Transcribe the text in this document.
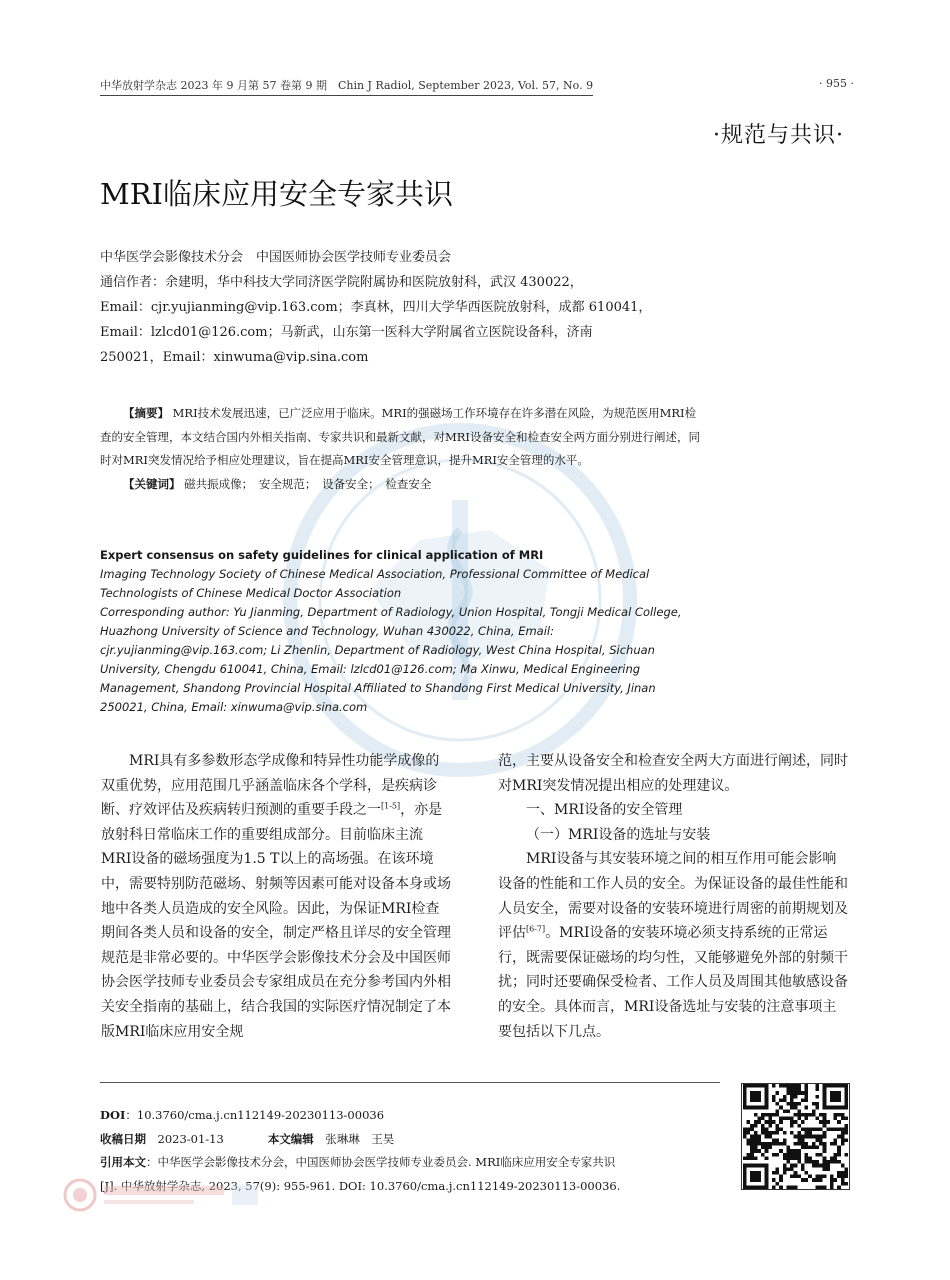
中华放射学杂志 2023 年 9 月第 57 卷第 9 期　Chin J Radiol, September 2023, Vol. 57, No. 9	· 955 ·
·规范与共识·
MRI临床应用安全专家共识
中华医学会影像技术分会　中国医师协会医学技师专业委员会
通信作者：余建明，华中科技大学同济医学院附属协和医院放射科，武汉 430022，
Email：cjr.yujianming@vip.163.com；李真林，四川大学华西医院放射科，成都 610041，
Email：lzlcd01@126.com；马新武，山东第一医科大学附属省立医院设备科，济南
250021，Email：xinwuma@vip.sina.com
【摘要】 MRI技术发展迅速，已广泛应用于临床。MRI的强磁场工作环境存在许多潜在风险，为规范医用MRI检查的安全管理，本文结合国内外相关指南、专家共识和最新文献，对MRI设备安全和检查安全两方面分别进行阐述，同时对MRI突发情况给予相应处理建议，旨在提高MRI安全管理意识，提升MRI安全管理的水平。
【关键词】 磁共振成像；　安全规范；　设备安全；　检查安全
Expert consensus on safety guidelines for clinical application of MRI
Imaging Technology Society of Chinese Medical Association, Professional Committee of Medical Technologists of Chinese Medical Doctor Association
Corresponding author: Yu Jianming, Department of Radiology, Union Hospital, Tongji Medical College, Huazhong University of Science and Technology, Wuhan 430022, China, Email: cjr.yujianming@vip.163.com; Li Zhenlin, Department of Radiology, West China Hospital, Sichuan University, Chengdu 610041, China, Email: lzlcd01@126.com; Ma Xinwu, Medical Engineering Management, Shandong Provincial Hospital Affiliated to Shandong First Medical University, Jinan 250021, China, Email: xinwuma@vip.sina.com

MRI具有多参数形态学成像和特异性功能学成像的双重优势，应用范围几乎涵盖临床各个学科，是疾病诊断、疗效评估及疾病转归预测的重要手段之一[1-5]，亦是放射科日常临床工作的重要组成部分。目前临床主流MRI设备的磁场强度为1.5 T以上的高场强。在该环境中，需要特别防范磁场、射频等因素可能对设备本身或场地中各类人员造成的安全风险。因此，为保证MRI检查期间各类人员和设备的安全，制定严格且详尽的安全管理规范是非常必要的。中华医学会影像技术分会及中国医师协会医学技师专业委员会专家组成员在充分参考国内外相关安全指南的基础上，结合我国的实际医疗情况制定了本版MRI临床应用安全规

范，主要从设备安全和检查安全两大方面进行阐述，同时对MRI突发情况提出相应的处理建议。

一、MRI设备的安全管理

（一）MRI设备的选址与安装

MRI设备与其安装环境之间的相互作用可能会影响设备的性能和工作人员的安全。为保证设备的最佳性能和人员安全，需要对设备的安装环境进行周密的前期规划及评估[6-7]。MRI设备的安装环境必须支持系统的正常运行，既需要保证磁场的均匀性，又能够避免外部的射频干扰；同时还要确保受检者、工作人员及周围其他敏感设备的安全。具体而言，MRI设备选址与安装的注意事项主要包括以下几点。

DOI：10.3760/cma.j.cn112149-20230113-00036
收稿日期　2023-01-13	本文编辑　张琳琳　王昊
引用本文：中华医学会影像技术分会，中国医师协会医学技师专业委员会. MRI临床应用安全专家共识
[J]. 中华放射学杂志, 2023, 57(9): 955-961. DOI: 10.3760/cma.j.cn112149-20230113-00036.
